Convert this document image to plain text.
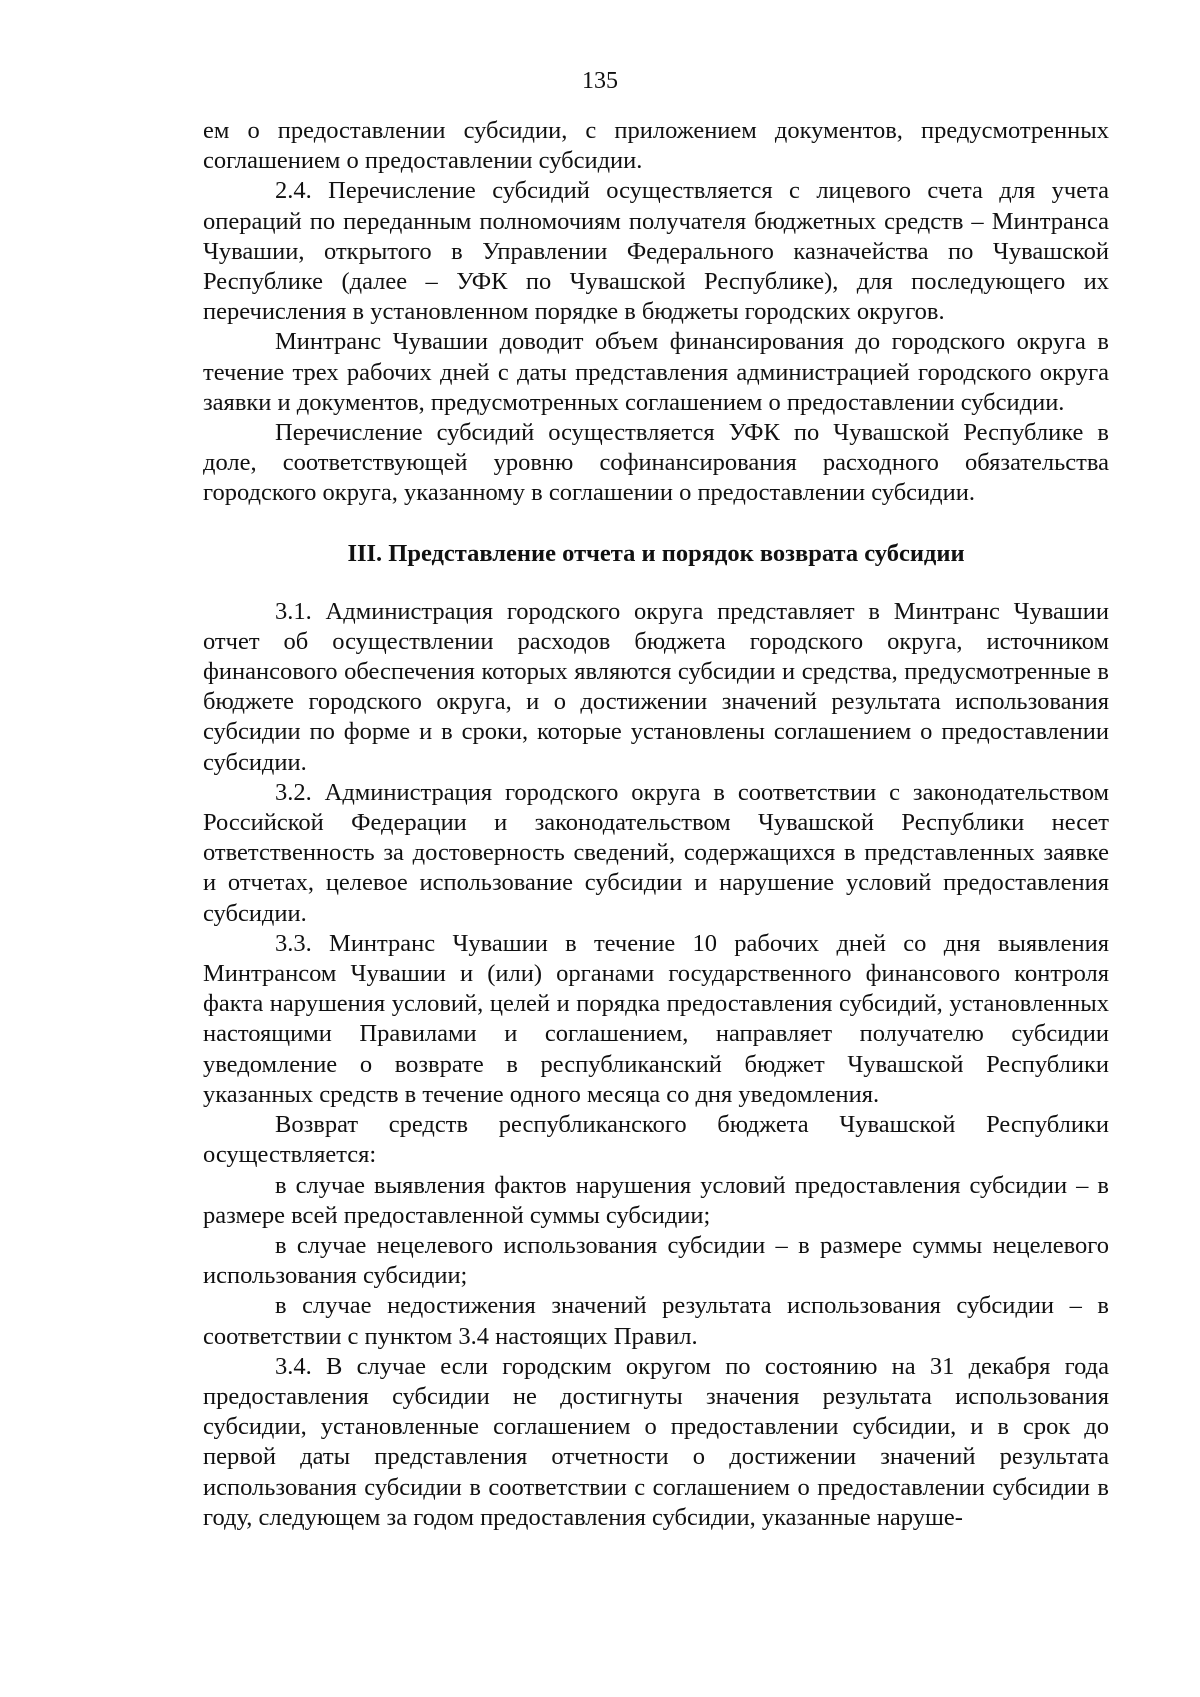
135

ем о предоставлении субсидии, с приложением документов, предусмотренных соглашением о предоставлении субсидии.

2.4. Перечисление субсидий осуществляется с лицевого счета для учета операций по переданным полномочиям получателя бюджетных средств – Минтранса Чувашии, открытого в Управлении Федерального казначейства по Чувашской Республике (далее – УФК по Чувашской Республике), для последующего их перечисления в установленном порядке в бюджеты городских округов.

Минтранс Чувашии доводит объем финансирования до городского округа в течение трех рабочих дней с даты представления администрацией городского округа заявки и документов, предусмотренных соглашением о предоставлении субсидии.

Перечисление субсидий осуществляется УФК по Чувашской Республике в доле, соответствующей уровню софинансирования расходного обязательства городского округа, указанному в соглашении о предоставлении субсидии.

III. Представление отчета и порядок возврата субсидии

3.1. Администрация городского округа представляет в Минтранс Чувашии отчет об осуществлении расходов бюджета городского округа, источником финансового обеспечения которых являются субсидии и средства, предусмотренные в бюджете городского округа, и о достижении значений результата использования субсидии по форме и в сроки, которые установлены соглашением о предоставлении субсидии.

3.2. Администрация городского округа в соответствии с законодательством Российской Федерации и законодательством Чувашской Республики несет ответственность за достоверность сведений, содержащихся в представленных заявке и отчетах, целевое использование субсидии и нарушение условий предоставления субсидии.

3.3. Минтранс Чувашии в течение 10 рабочих дней со дня выявления Минтрансом Чувашии и (или) органами государственного финансового контроля факта нарушения условий, целей и порядка предоставления субсидий, установленных настоящими Правилами и соглашением, направляет получателю субсидии уведомление о возврате в республиканский бюджет Чувашской Республики указанных средств в течение одного месяца со дня уведомления.

Возврат средств республиканского бюджета Чувашской Республики осуществляется:

в случае выявления фактов нарушения условий предоставления субсидии – в размере всей предоставленной суммы субсидии;

в случае нецелевого использования субсидии – в размере суммы нецелевого использования субсидии;

в случае недостижения значений результата использования субсидии – в соответствии с пунктом 3.4 настоящих Правил.

3.4. В случае если городским округом по состоянию на 31 декабря года предоставления субсидии не достигнуты значения результата использования субсидии, установленные соглашением о предоставлении субсидии, и в срок до первой даты представления отчетности о достижении значений результата использования субсидии в соответствии с соглашением о предоставлении субсидии в году, следующем за годом предоставления субсидии, указанные наруше-
